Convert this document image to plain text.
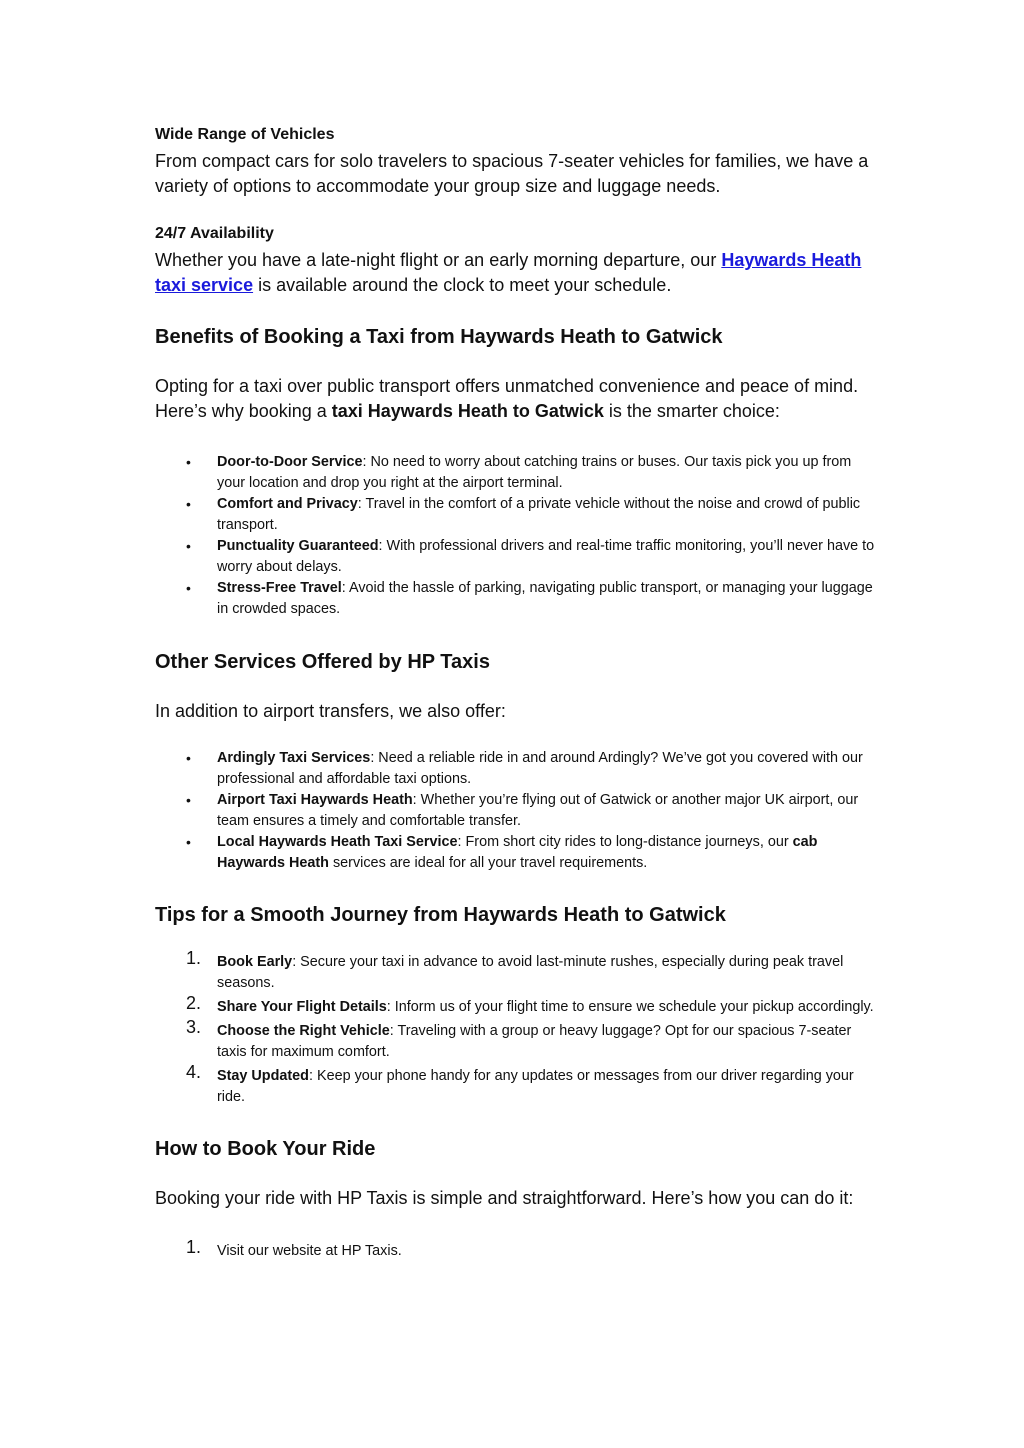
Wide Range of Vehicles

From compact cars for solo travelers to spacious 7-seater vehicles for families, we have a variety of options to accommodate your group size and luggage needs.

24/7 Availability

Whether you have a late-night flight or an early morning departure, our Haywards Heath taxi service is available around the clock to meet your schedule.

Benefits of Booking a Taxi from Haywards Heath to Gatwick

Opting for a taxi over public transport offers unmatched convenience and peace of mind. Here’s why booking a taxi Haywards Heath to Gatwick is the smarter choice:

• Door-to-Door Service: No need to worry about catching trains or buses. Our taxis pick you up from your location and drop you right at the airport terminal.
• Comfort and Privacy: Travel in the comfort of a private vehicle without the noise and crowd of public transport.
• Punctuality Guaranteed: With professional drivers and real-time traffic monitoring, you’ll never have to worry about delays.
• Stress-Free Travel: Avoid the hassle of parking, navigating public transport, or managing your luggage in crowded spaces.
Other Services Offered by HP Taxis

In addition to airport transfers, we also offer:

• Ardingly Taxi Services: Need a reliable ride in and around Ardingly? We’ve got you covered with our professional and affordable taxi options.
• Airport Taxi Haywards Heath: Whether you’re flying out of Gatwick or another major UK airport, our team ensures a timely and comfortable transfer.
• Local Haywards Heath Taxi Service: From short city rides to long-distance journeys, our cab Haywards Heath services are ideal for all your travel requirements.
Tips for a Smooth Journey from Haywards Heath to Gatwick
1. Book Early: Secure your taxi in advance to avoid last-minute rushes, especially during peak travel seasons.
2. Share Your Flight Details: Inform us of your flight time to ensure we schedule your pickup accordingly.
3. Choose the Right Vehicle: Traveling with a group or heavy luggage? Opt for our spacious 7-seater taxis for maximum comfort.
4. Stay Updated: Keep your phone handy for any updates or messages from our driver regarding your ride.
How to Book Your Ride

Booking your ride with HP Taxis is simple and straightforward. Here’s how you can do it:

1. Visit our website at HP Taxis.
